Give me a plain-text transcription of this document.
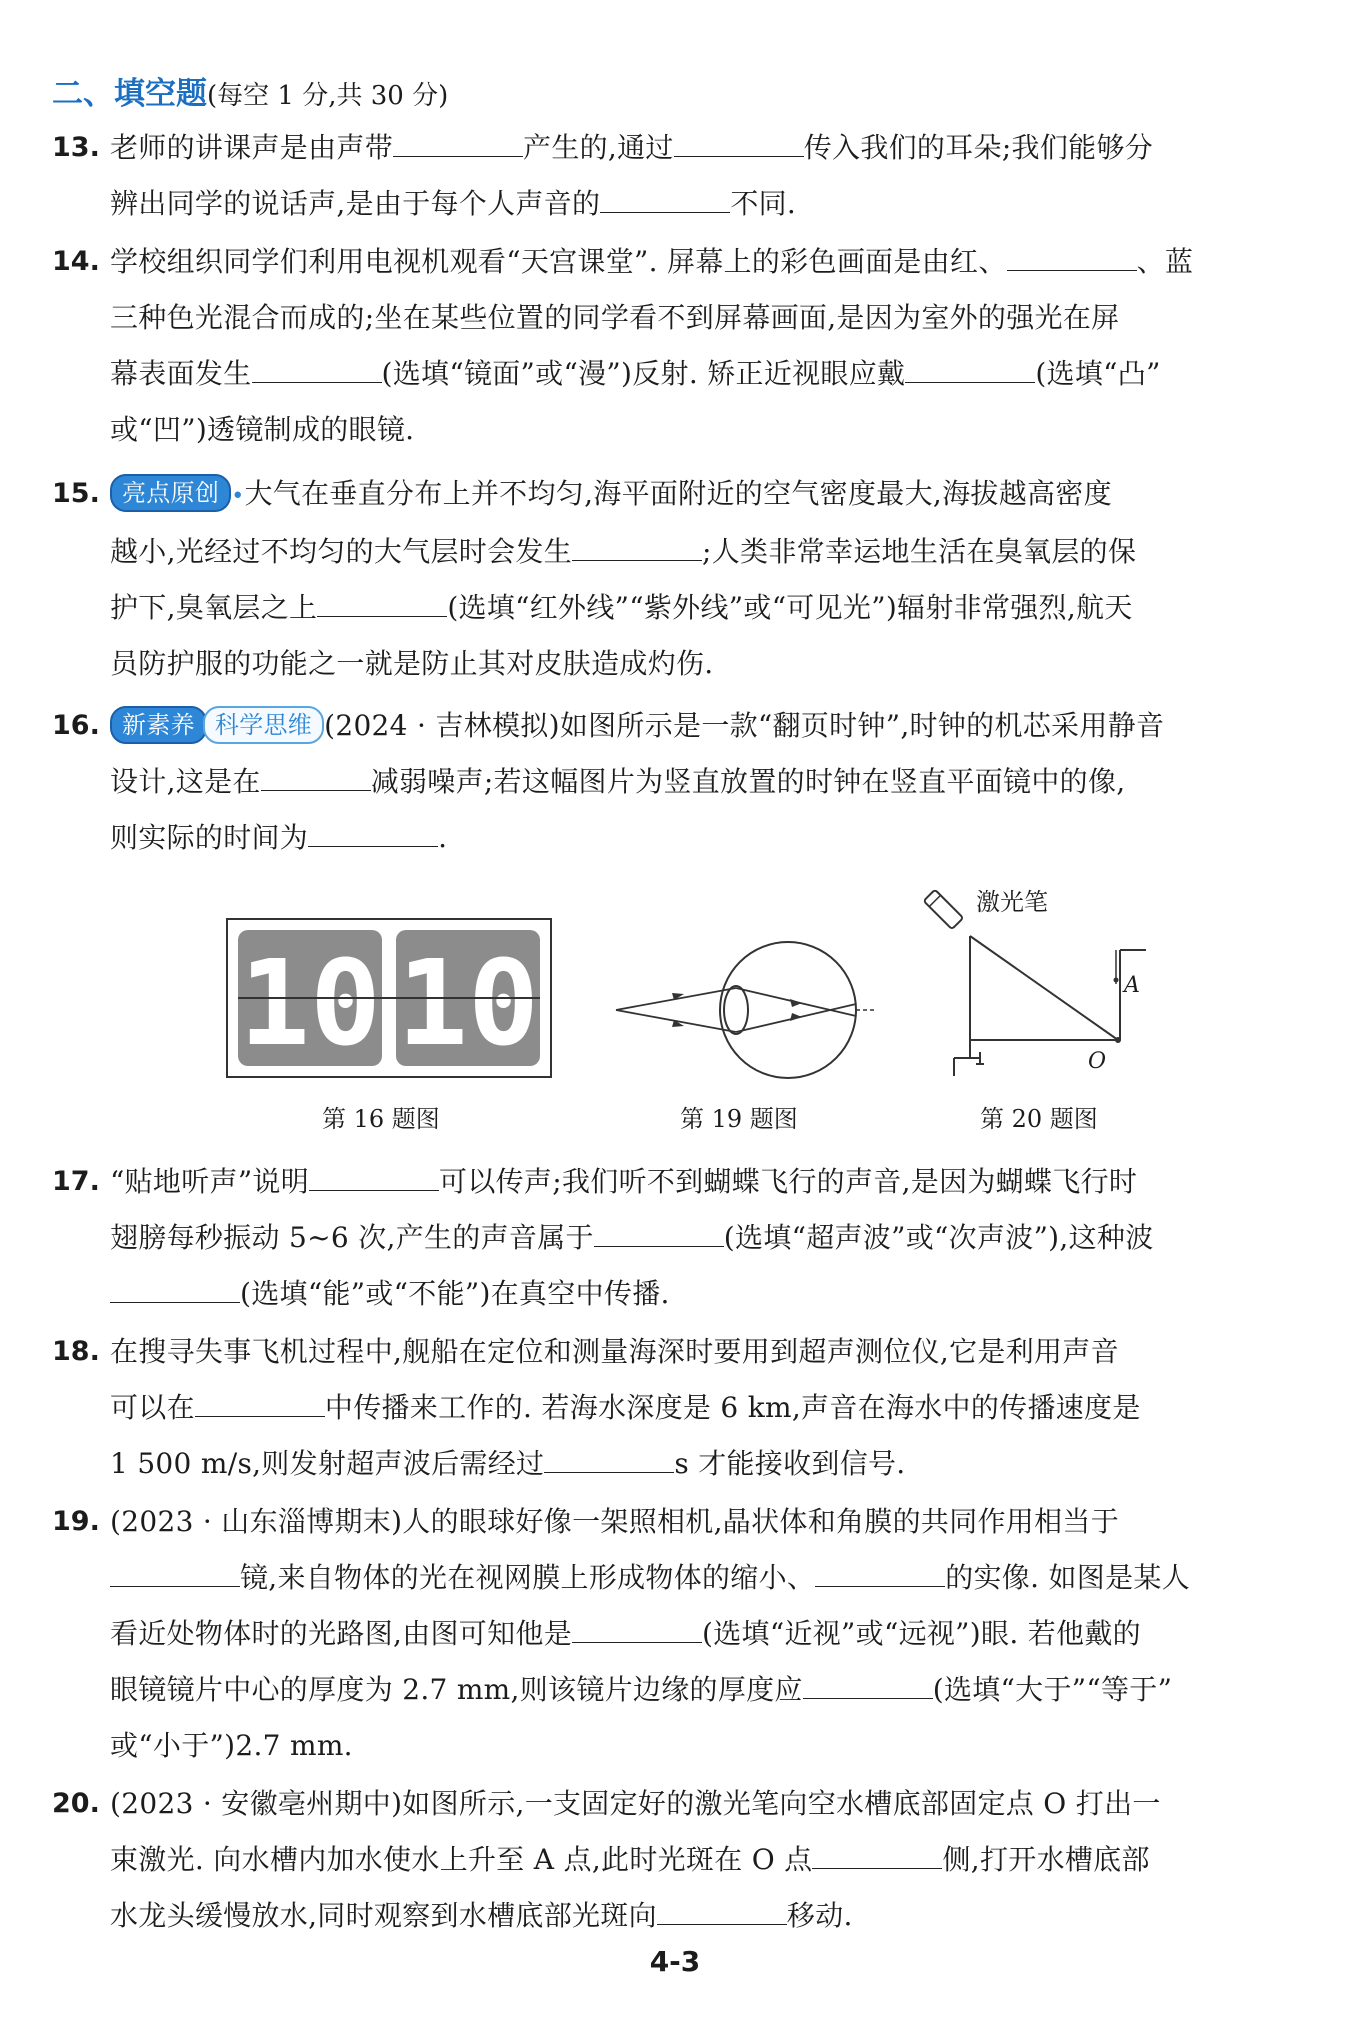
二、填空题(每空 1 分,共 30 分)
13. 老师的讲课声是由声带	产生的,通过	传入我们的耳朵;我们能够分
辨出同学的说话声,是由于每个人声音的	不同.
14. 学校组织同学们利用电视机观看“天宫课堂”. 屏幕上的彩色画面是由红、	、蓝
三种色光混合而成的;坐在某些位置的同学看不到屏幕画面,是因为室外的强光在屏
幕表面发生	(选填“镜面”或“漫”)反射. 矫正近视眼应戴	(选填“凸”
或“凹”)透镜制成的眼镜.
15. 亮点原创 •大气在垂直分布上并不均匀,海平面附近的空气密度最大,海拔越高密度
越小,光经过不均匀的大气层时会发生	;人类非常幸运地生活在臭氧层的保
护下,臭氧层之上	(选填“红外线”“紫外线”或“可见光”)辐射非常强烈,航天
员防护服的功能之一就是防止其对皮肤造成灼伤.
16. 新素养 科学思维 (2024 · 吉林模拟)如图所示是一款“翻页时钟”,时钟的机芯采用静音
设计,这是在	减弱噪声;若这幅图片为竖直放置的时钟在竖直平面镜中的像,
则实际的时间为	.
10 10
第 16 题图	第 19 题图
激光笔
A
O
第 20 题图
17. “贴地听声”说明	可以传声;我们听不到蝴蝶飞行的声音,是因为蝴蝶飞行时
翅膀每秒振动 5~6 次,产生的声音属于	(选填“超声波”或“次声波”),这种波
(选填“能”或“不能”)在真空中传播.
18. 在搜寻失事飞机过程中,舰船在定位和测量海深时要用到超声测位仪,它是利用声音
可以在	中传播来工作的. 若海水深度是 6 km,声音在海水中的传播速度是
1 500 m/s,则发射超声波后需经过	s 才能接收到信号.
19. (2023 · 山东淄博期末)人的眼球好像一架照相机,晶状体和角膜的共同作用相当于
镜,来自物体的光在视网膜上形成物体的缩小、	的实像. 如图是某人
看近处物体时的光路图,由图可知他是	(选填“近视”或“远视”)眼. 若他戴的
眼镜镜片中心的厚度为 2.7 mm,则该镜片边缘的厚度应	(选填“大于”“等于”
或“小于”)2.7 mm.
20. (2023 · 安徽亳州期中)如图所示,一支固定好的激光笔向空水槽底部固定点 O 打出一
束激光. 向水槽内加水使水上升至 A 点,此时光斑在 O 点	侧,打开水槽底部
水龙头缓慢放水,同时观察到水槽底部光斑向	移动.
4-3
